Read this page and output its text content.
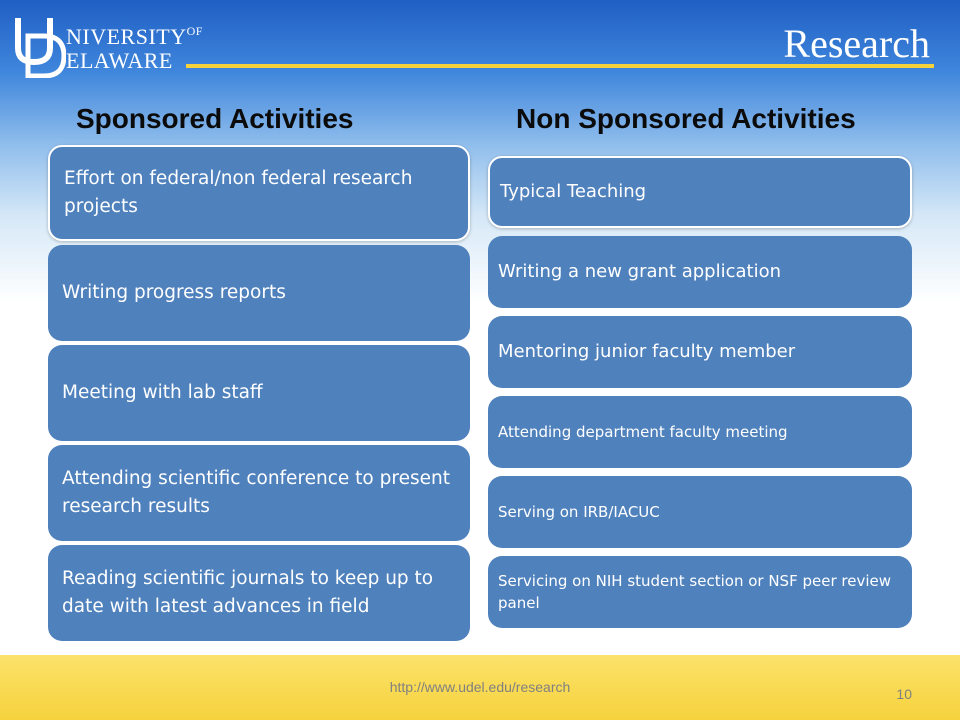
$NIVERSITY^{OF}$
ELAWARE	Research
Sponsored Activities	Non Sponsored Activities
Effort on federal/non federal research projects
Writing progress reports
Meeting with lab staff
Attending scientific conference to present research results
Reading scientific journals to keep up to date with latest advances in field
Typical Teaching
Writing a new grant application
Mentoring junior faculty member
Attending department faculty meeting
Serving on IRB/IACUC
Servicing on NIH student section or NSF peer review panel
http://www.udel.edu/research	10
